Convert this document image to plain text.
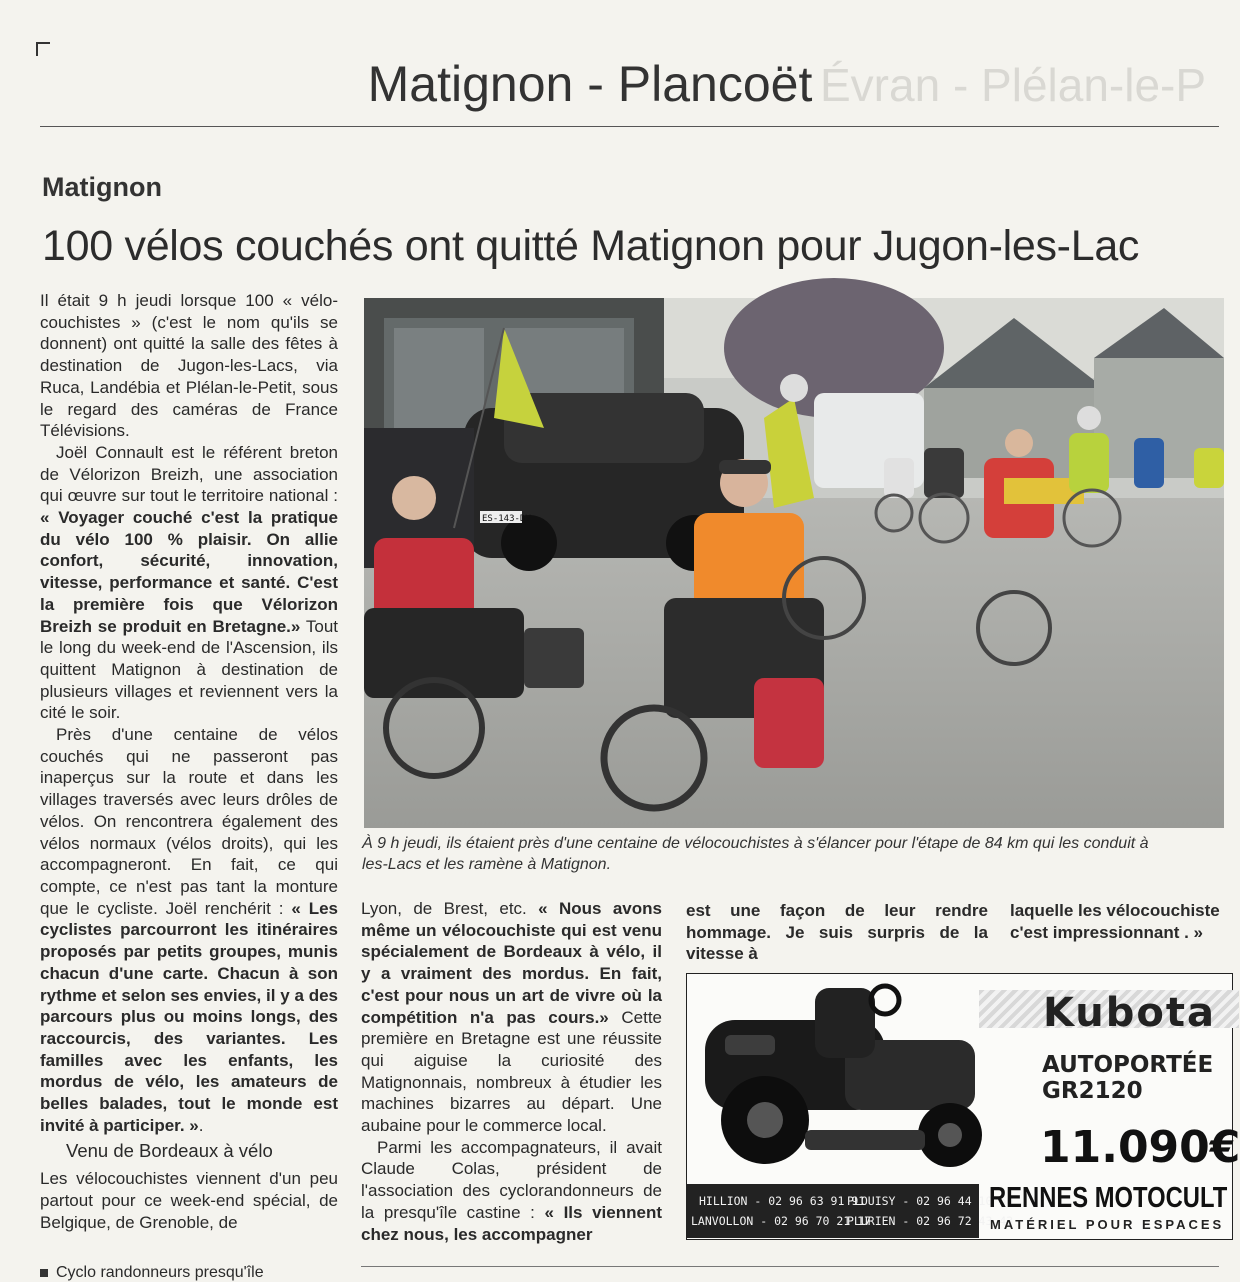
Évran - Plélan-le-P
Matignon - Plancoët
Matignon
100 vélos couchés ont quitté Matignon pour Jugon-les-Lac

Il était 9 h jeudi lorsque 100 « vélo-couchistes » (c'est le nom qu'ils se donnent) ont quitté la salle des fêtes à destination de Jugon-les-Lacs, via Ruca, Landébia et Plélan-le-Petit, sous le regard des caméras de France Télévisions.

Joël Connault est le référent breton de Vélorizon Breizh, une association qui œuvre sur tout le territoire national : « Voyager couché c'est la pratique du vélo 100 % plaisir. On allie confort, sécurité, innovation, vitesse, performance et santé. C'est la première fois que Vélorizon Breizh se produit en Bretagne.» Tout le long du week-end de l'Ascension, ils quittent Matignon à destination de plusieurs villages et reviennent vers la cité le soir.

Près d'une centaine de vélos couchés qui ne passeront pas inaperçus sur la route et dans les villages traversés avec leurs drôles de vélos. On rencontrera également des vélos normaux (vélos droits), qui les accompagneront. En fait, ce qui compte, ce n'est pas tant la monture que le cycliste. Joël renchérit : « Les cyclistes parcourront les itinéraires proposés par petits groupes, munis chacun d'une carte. Chacun à son rythme et selon ses envies, il y a des parcours plus ou moins longs, des raccourcis, des variantes. Les familles avec les enfants, les mordus de vélo, les amateurs de belles balades, tout le monde est invité à participer. ».

Venu de Bordeaux à vélo

Les vélocouchistes viennent d'un peu partout pour ce week-end spécial, de Belgique, de Grenoble, de

Cyclo randonneurs presqu'île
ES-143-DV
À 9 h jeudi, ils étaient près d'une centaine de vélocouchistes à s'élancer pour l'étape de 84 km qui les conduit à
les-Lacs et les ramène à Matignon.

Lyon, de Brest, etc. « Nous avons même un vélocouchiste qui est venu spécialement de Bordeaux à vélo, il y a vraiment des mordus. En fait, c'est pour nous un art de vivre où la compétition n'a pas cours.» Cette première en Bretagne est une réussite qui aiguise la curiosité des Matignonnais, nombreux à étudier les machines bizarres au départ. Une aubaine pour le commerce local.

Parmi les accompagnateurs, il avait Claude Colas, président de l'association des cyclorandonneurs de la presqu'île castine : « Ils viennent chez nous, les accompagner

est une façon de leur rendre hommage. Je suis surpris de la vitesse à

laquelle les vélocouchiste c'est impressionnant . »

Kubota
AUTOPORTÉE
GR2120
11.090€
HILLION - 02 96 63 91 91
LANVOLLON - 02 96 70 21 17
PLOUISY - 02 96 44 10 60
PLURIEN - 02 96 72 43 43
RENNES MOTOCULT
MATÉRIEL POUR ESPACES
